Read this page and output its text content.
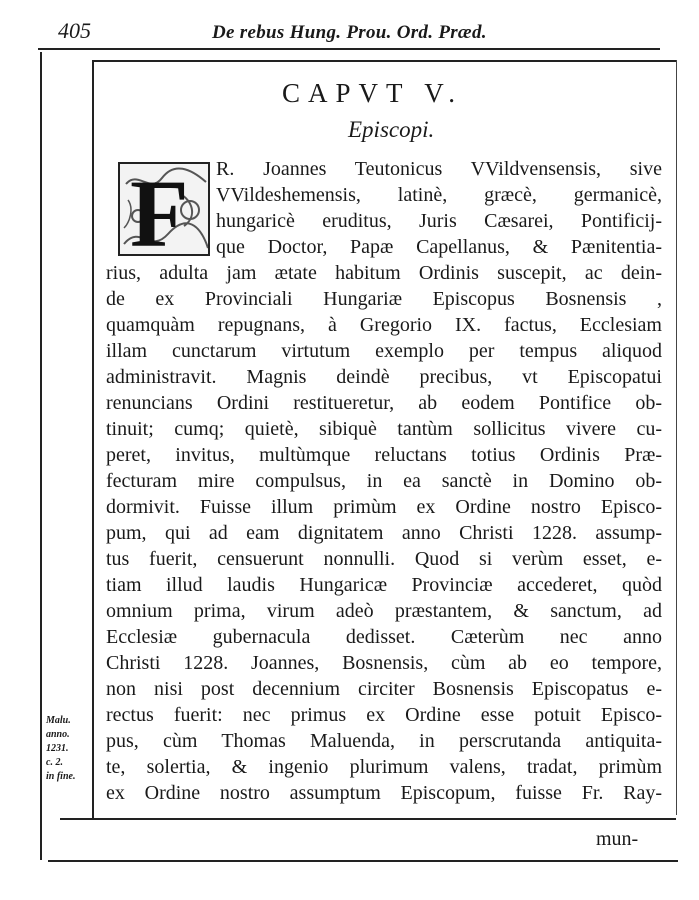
405	De rebus Hung. Prou. Ord. Præd.
CAPVT V.
Episcopi.
F R. Joannes Teutonicus VVildvensensis, sive
VVildeshemensis, latinè, græcè, germanicè,
hungaricè eruditus, Juris Cæsarei, Pontificij-
que Doctor, Papæ Capellanus, & Pænitentia-
rius, adulta jam ætate habitum Ordinis suscepit, ac dein-
de ex Provinciali Hungariæ Episcopus Bosnensis ,
quamquàm repugnans, à Gregorio IX. factus, Ecclesiam
illam cunctarum virtutum exemplo per tempus aliquod
administravit. Magnis deindè precibus, vt Episcopatui
renuncians Ordini restitueretur, ab eodem Pontifice ob-
tinuit; cumq; quietè, sibiquè tantùm sollicitus vivere cu-
peret, invitus, multùmque reluctans totius Ordinis Præ-
fecturam mire compulsus, in ea sanctè in Domino ob-
dormivit. Fuisse illum primùm ex Ordine nostro Episco-
pum, qui ad eam dignitatem anno Christi 1228. assump-
tus fuerit, censuerunt nonnulli. Quod si verùm esset, e-
tiam illud laudis Hungaricæ Provinciæ accederet, quòd
omnium prima, virum adeò præstantem, & sanctum, ad
Ecclesiæ gubernacula dedisset. Cæterùm nec anno
Christi 1228. Joannes, Bosnensis, cùm ab eo tempore,
non nisi post decennium circiter Bosnensis Episcopatus e-
rectus fuerit: nec primus ex Ordine esse potuit Episco-
pus, cùm Thomas Maluenda, in perscrutanda antiquita-
te, solertia, & ingenio plurimum valens, tradat, primùm
ex Ordine nostro assumptum Episcopum, fuisse Fr. Ray-
Malu.
anno.
1231.
c. 2.
in fine.
mun-
